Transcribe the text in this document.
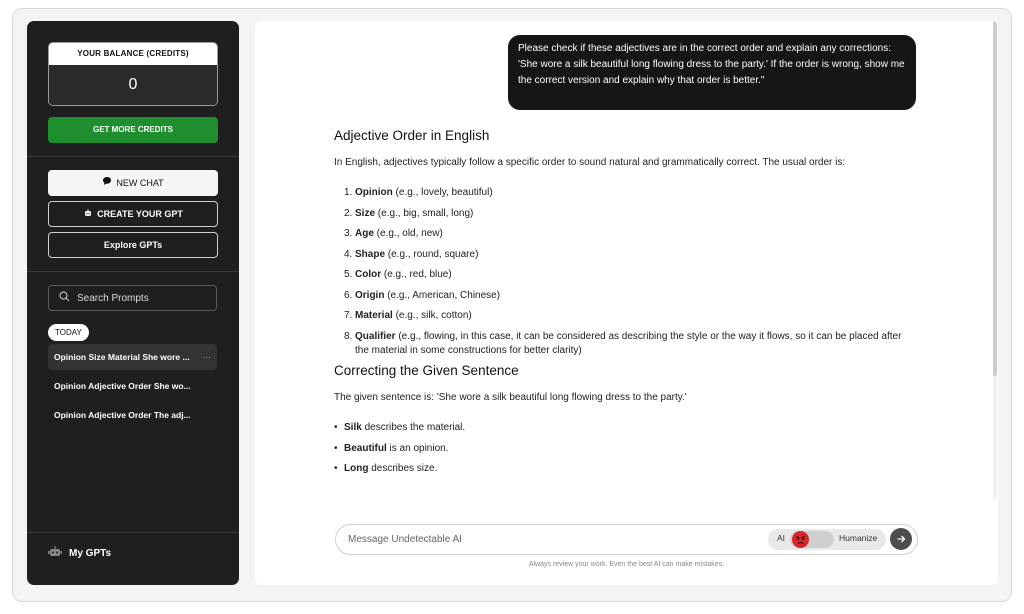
YOUR BALANCE (CREDITS)
0
GET MORE CREDITS
NEW CHAT
CREATE YOUR GPT
Explore GPTs
Search Prompts
TODAY
Opinion Size Material She wore ... ···
Opinion Adjective Order She wo...
Opinion Adjective Order The adj...
My GPTs
Please check if these adjectives are in the correct order and explain any corrections: 'She wore a silk beautiful long flowing dress to the party.' If the order is wrong, show me the correct version and explain why that order is better."
Adjective Order in English

In English, adjectives typically follow a specific order to sound natural and grammatically correct. The usual order is:

1. Opinion (e.g., lovely, beautiful)
2. Size (e.g., big, small, long)
3. Age (e.g., old, new)
4. Shape (e.g., round, square)
5. Color (e.g., red, blue)
6. Origin (e.g., American, Chinese)
7. Material (e.g., silk, cotton)
8. Qualifier (e.g., flowing, in this case, it can be considered as describing the style or the way it flows, so it can be placed after the material in some constructions for better clarity)
Correcting the Given Sentence

The given sentence is: 'She wore a silk beautiful long flowing dress to the party.'

• Silk describes the material.
• Beautiful is an opinion.
• Long describes size.
Message Undetectable AI
AI	Humanize
Always review your work. Even the best AI can make mistakes.
